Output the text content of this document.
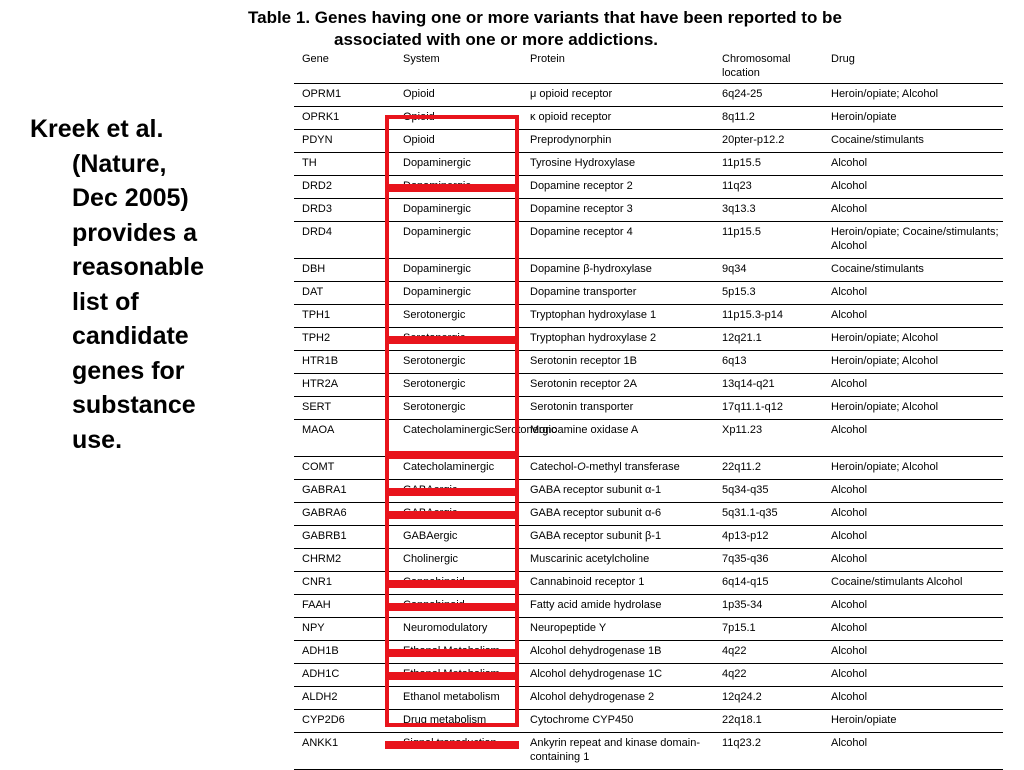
Table 1. Genes having one or more variants that have been reported to be
associated with one or more addictions.
Kreek et al.
(Nature,
Dec 2005)
provides a
reasonable
list of
candidate
genes for
substance
use.
Gene	System	Protein	Chromosomal location	Drug
OPRM1	Opioid	μ opioid receptor	6q24-25	Heroin/opiate; Alcohol
OPRK1	Opioid	κ opioid receptor	8q11.2	Heroin/opiate
PDYN	Opioid	Preprodynorphin	20pter-p12.2	Cocaine/stimulants
TH	Dopaminergic	Tyrosine Hydroxylase	11p15.5	Alcohol
DRD2	Dopaminergic	Dopamine receptor 2	11q23	Alcohol
DRD3	Dopaminergic	Dopamine receptor 3	3q13.3	Alcohol
DRD4	Dopaminergic	Dopamine receptor 4	11p15.5	Heroin/opiate; Cocaine/stimulants; Alcohol
DBH	Dopaminergic	Dopamine β-hydroxylase	9q34	Cocaine/stimulants
DAT	Dopaminergic	Dopamine transporter	5p15.3	Alcohol
TPH1	Serotonergic	Tryptophan hydroxylase 1	11p15.3-p14	Alcohol
TPH2	Serotonergic	Tryptophan hydroxylase 2	12q21.1	Heroin/opiate; Alcohol
HTR1B	Serotonergic	Serotonin receptor 1B	6q13	Heroin/opiate; Alcohol
HTR2A	Serotonergic	Serotonin receptor 2A	13q14-q21	Alcohol
SERT	Serotonergic	Serotonin transporter	17q11.1-q12	Heroin/opiate; Alcohol
MAOA	CatecholaminergicSerotonergic	Monoamine oxidase A	Xp11.23	Alcohol
COMT	Catecholaminergic	Catechol-O-methyl transferase	22q11.2	Heroin/opiate; Alcohol
GABRA1	GABAergic	GABA receptor subunit α-1	5q34-q35	Alcohol
GABRA6	GABAergic	GABA receptor subunit α-6	5q31.1-q35	Alcohol
GABRB1	GABAergic	GABA receptor subunit β-1	4p13-p12	Alcohol
CHRM2	Cholinergic	Muscarinic acetylcholine	7q35-q36	Alcohol
CNR1	Cannabinoid	Cannabinoid receptor 1	6q14-q15	Cocaine/stimulants Alcohol
FAAH	Cannabinoid	Fatty acid amide hydrolase	1p35-34	Alcohol
NPY	Neuromodulatory	Neuropeptide Y	7p15.1	Alcohol
ADH1B	Ethanol Metabolism	Alcohol dehydrogenase 1B	4q22	Alcohol
ADH1C	Ethanol Metabolism	Alcohol dehydrogenase 1C	4q22	Alcohol
ALDH2	Ethanol metabolism	Alcohol dehydrogenase 2	12q24.2	Alcohol
CYP2D6	Drug metabolism	Cytochrome CYP450	22q18.1	Heroin/opiate
ANKK1	Signal transduction	Ankyrin repeat and kinase domain-containing 1	11q23.2	Alcohol
